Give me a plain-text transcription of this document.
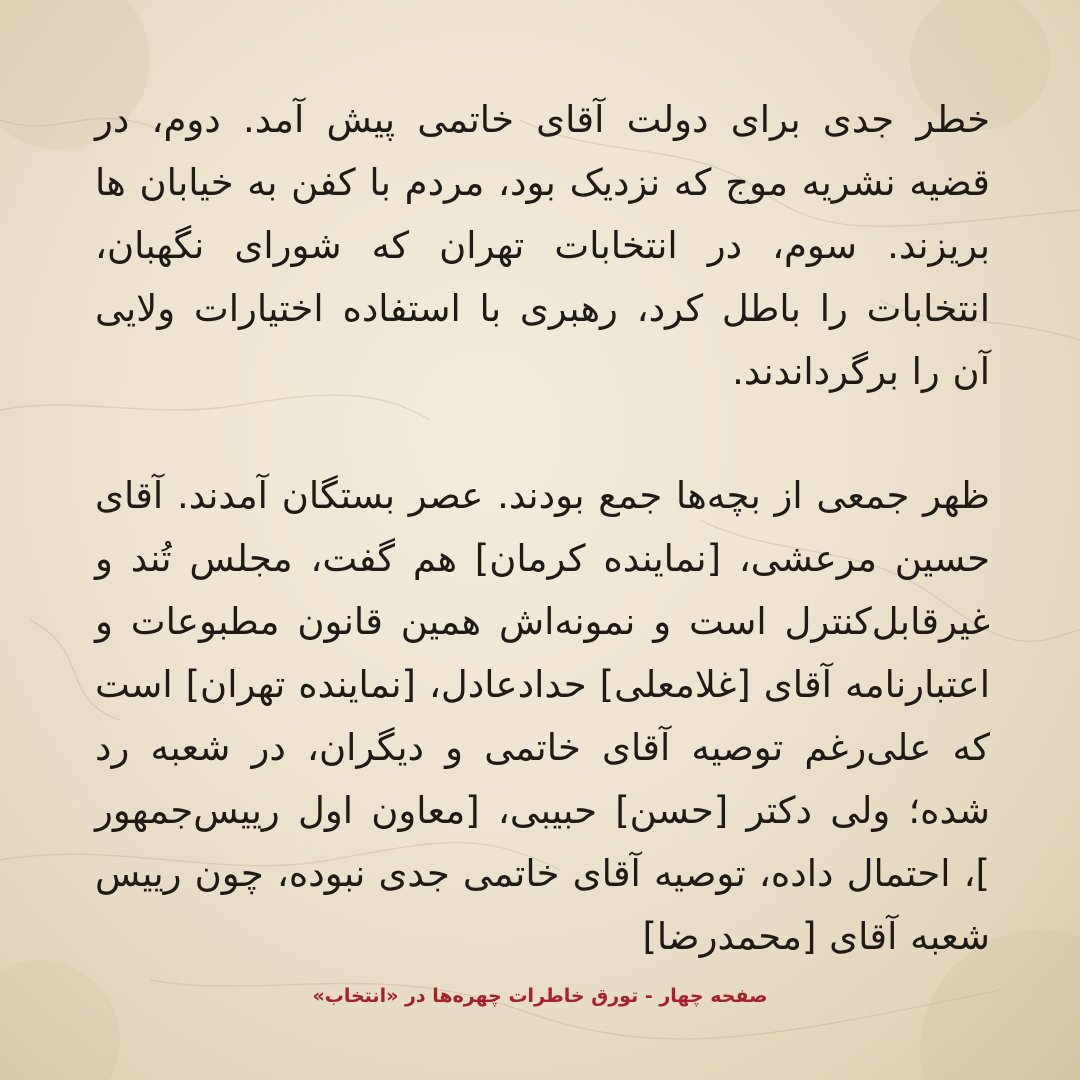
خطر جدی برای دولت آقای خاتمی پیش آمد. دوم، در قضیه نشریه موج که نزدیک بود، مردم با کفن به خیابان ها بریزند. سوم، در انتخابات تهران که شورای نگهبان، انتخابات را باطل کرد، رهبری با استفاده اختیارات ولایی آن را برگرداندند.

ظهر جمعی از بچه‌ها جمع بودند. عصر بستگان آمدند. آقای حسین مرعشی، [نماینده کرمان] هم گفت، مجلس تُند و غیرقابل‌کنترل است و نمونه‌اش همین قانون مطبوعات و اعتبارنامه آقای [غلامعلی] حدادعادل، [نماینده تهران] است که علی‌رغم توصیه آقای خاتمی و دیگران، در شعبه رد شده؛ ولی دکتر [حسن] حبیبی، [معاون اول رییس‌جمهور ]، احتمال داده، توصیه آقای خاتمی جدی نبوده، چون رییس شعبه آقای [محمدرضا]

صفحه چهار - تورق خاطرات چهره‌ها در «انتخاب»
